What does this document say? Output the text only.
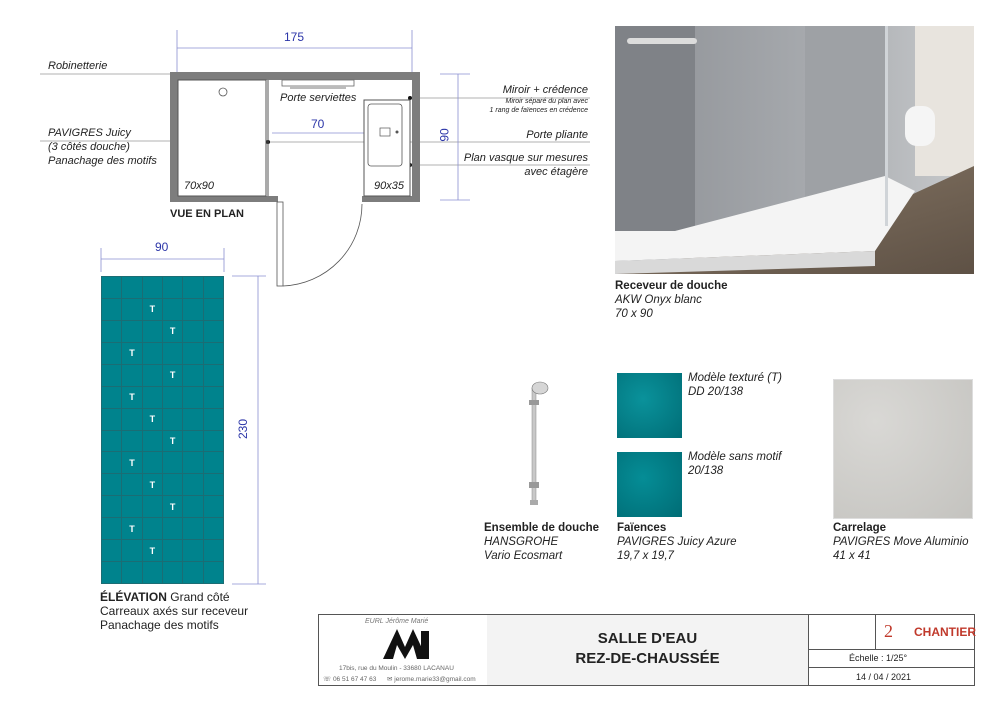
175
70
90
70x90	90x35
Porte serviettes
VUE EN PLAN
Robinetterie
PAVIGRES Juicy
(3 côtés douche)
Panachage des motifs
Miroir + crédence
Miroir séparé du plan avec
1 rang de faïences en crédence
Porte pliante
Plan vasque sur mesures
avec étagère
90
230
T
T
T
T
T
T
T
T
T
T
T
T
ÉLÉVATION Grand côté
Carreaux axés sur receveur
Panachage des motifs
Receveur de douche
AKW Onyx blanc
70 x 90
Ensemble de douche
HANSGROHE
Vario Ecosmart
Modèle texturé (T)
DD 20/138
Modèle sans motif
20/138
Faïences
PAVIGRES Juicy Azure
19,7 x 19,7
Carrelage
PAVIGRES Move Aluminio
41 x 41
EURL Jérôme Marié
17bis, rue du Moulin - 33680 LACANAU
☏ 06 51 67 47 63 ✉ jerome.marie33@gmail.com
SALLE D'EAU
REZ-DE-CHAUSSÉE
2 CHANTIER
Échelle : 1/25°
14 / 04 / 2021
